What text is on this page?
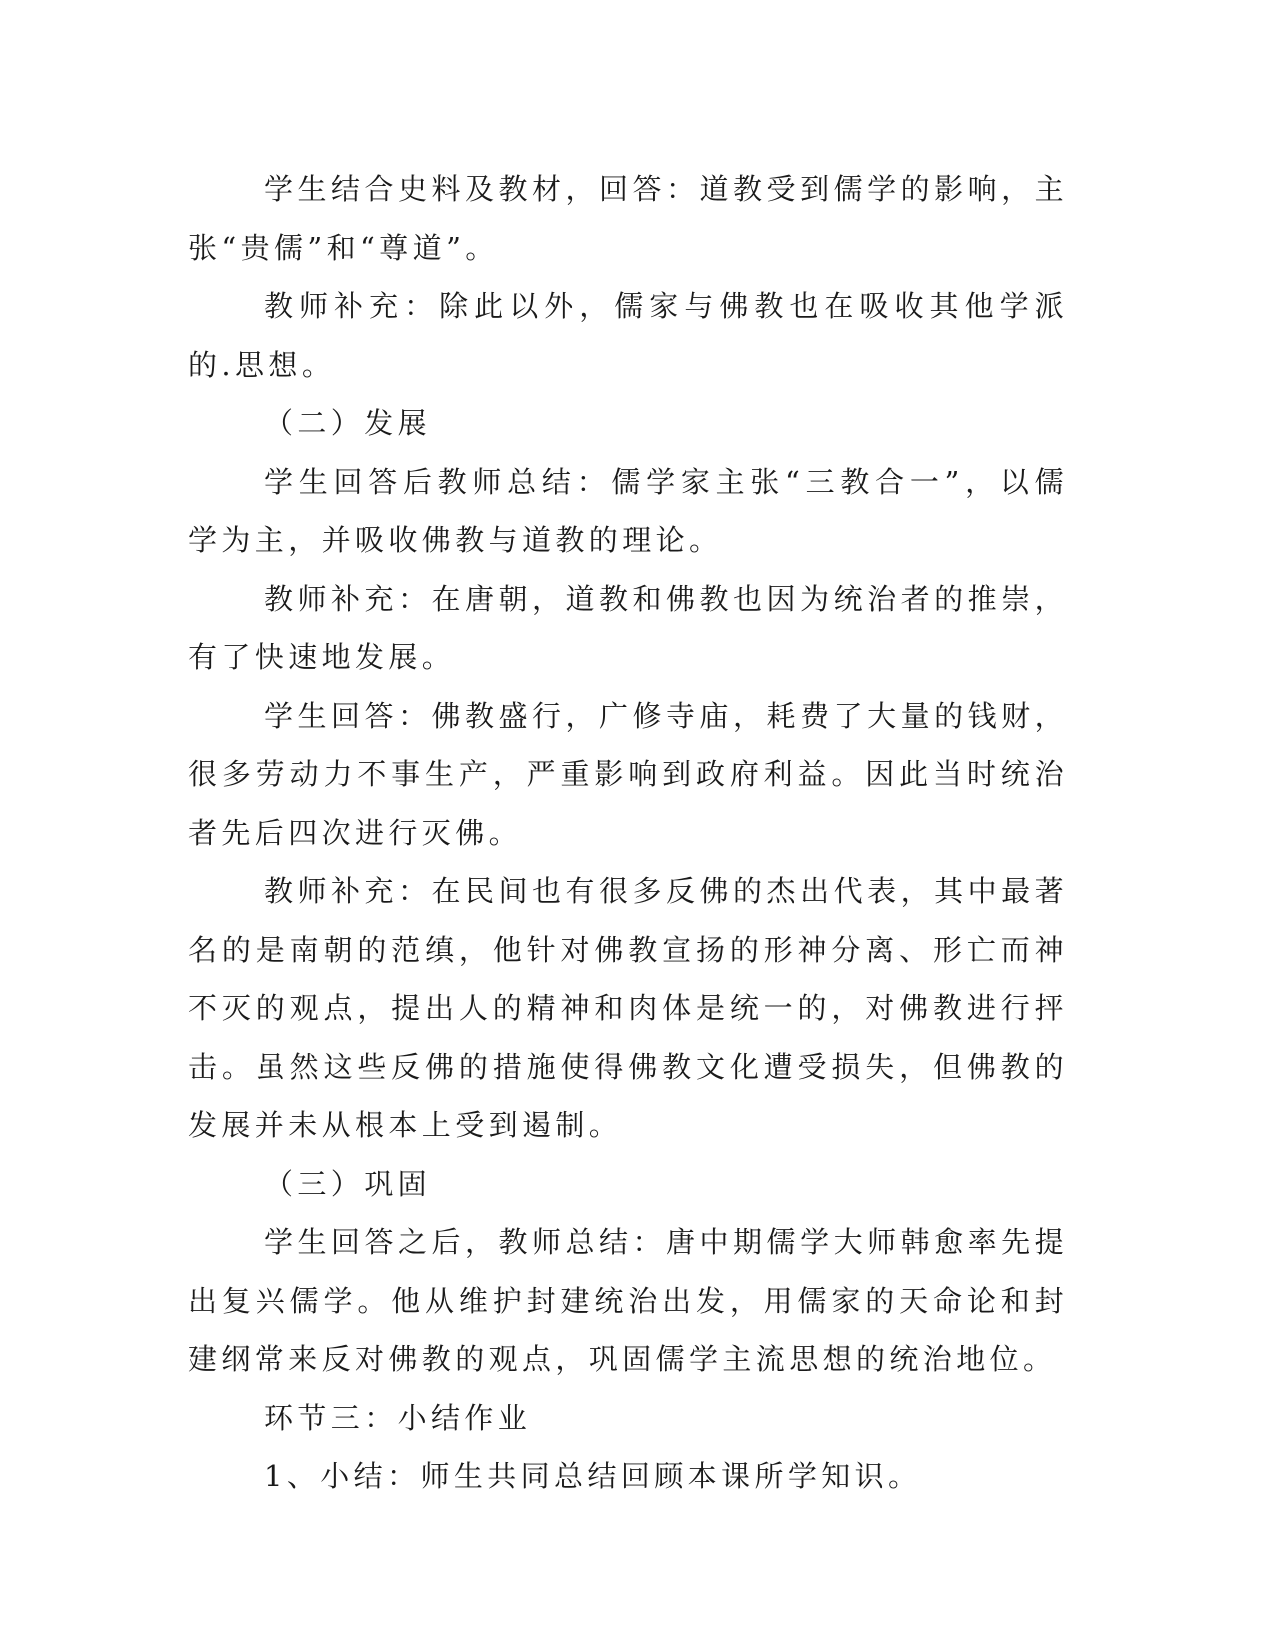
学生结合史料及教材，回答：道教受到儒学的影响，主张“贵儒”和“尊道”。

教师补充：除此以外，儒家与佛教也在吸收其他学派的.思想。

（二）发展

学生回答后教师总结：儒学家主张“三教合一”，以儒学为主，并吸收佛教与道教的理论。

教师补充：在唐朝，道教和佛教也因为统治者的推崇，有了快速地发展。

学生回答：佛教盛行，广修寺庙，耗费了大量的钱财，很多劳动力不事生产，严重影响到政府利益。因此当时统治者先后四次进行灭佛。

教师补充：在民间也有很多反佛的杰出代表，其中最著名的是南朝的范缜，他针对佛教宣扬的形神分离、形亡而神不灭的观点，提出人的精神和肉体是统一的，对佛教进行抨击。虽然这些反佛的措施使得佛教文化遭受损失，但佛教的发展并未从根本上受到遏制。

（三）巩固

学生回答之后，教师总结：唐中期儒学大师韩愈率先提出复兴儒学。他从维护封建统治出发，用儒家的天命论和封建纲常来反对佛教的观点，巩固儒学主流思想的统治地位。

环节三：小结作业

1、小结：师生共同总结回顾本课所学知识。
